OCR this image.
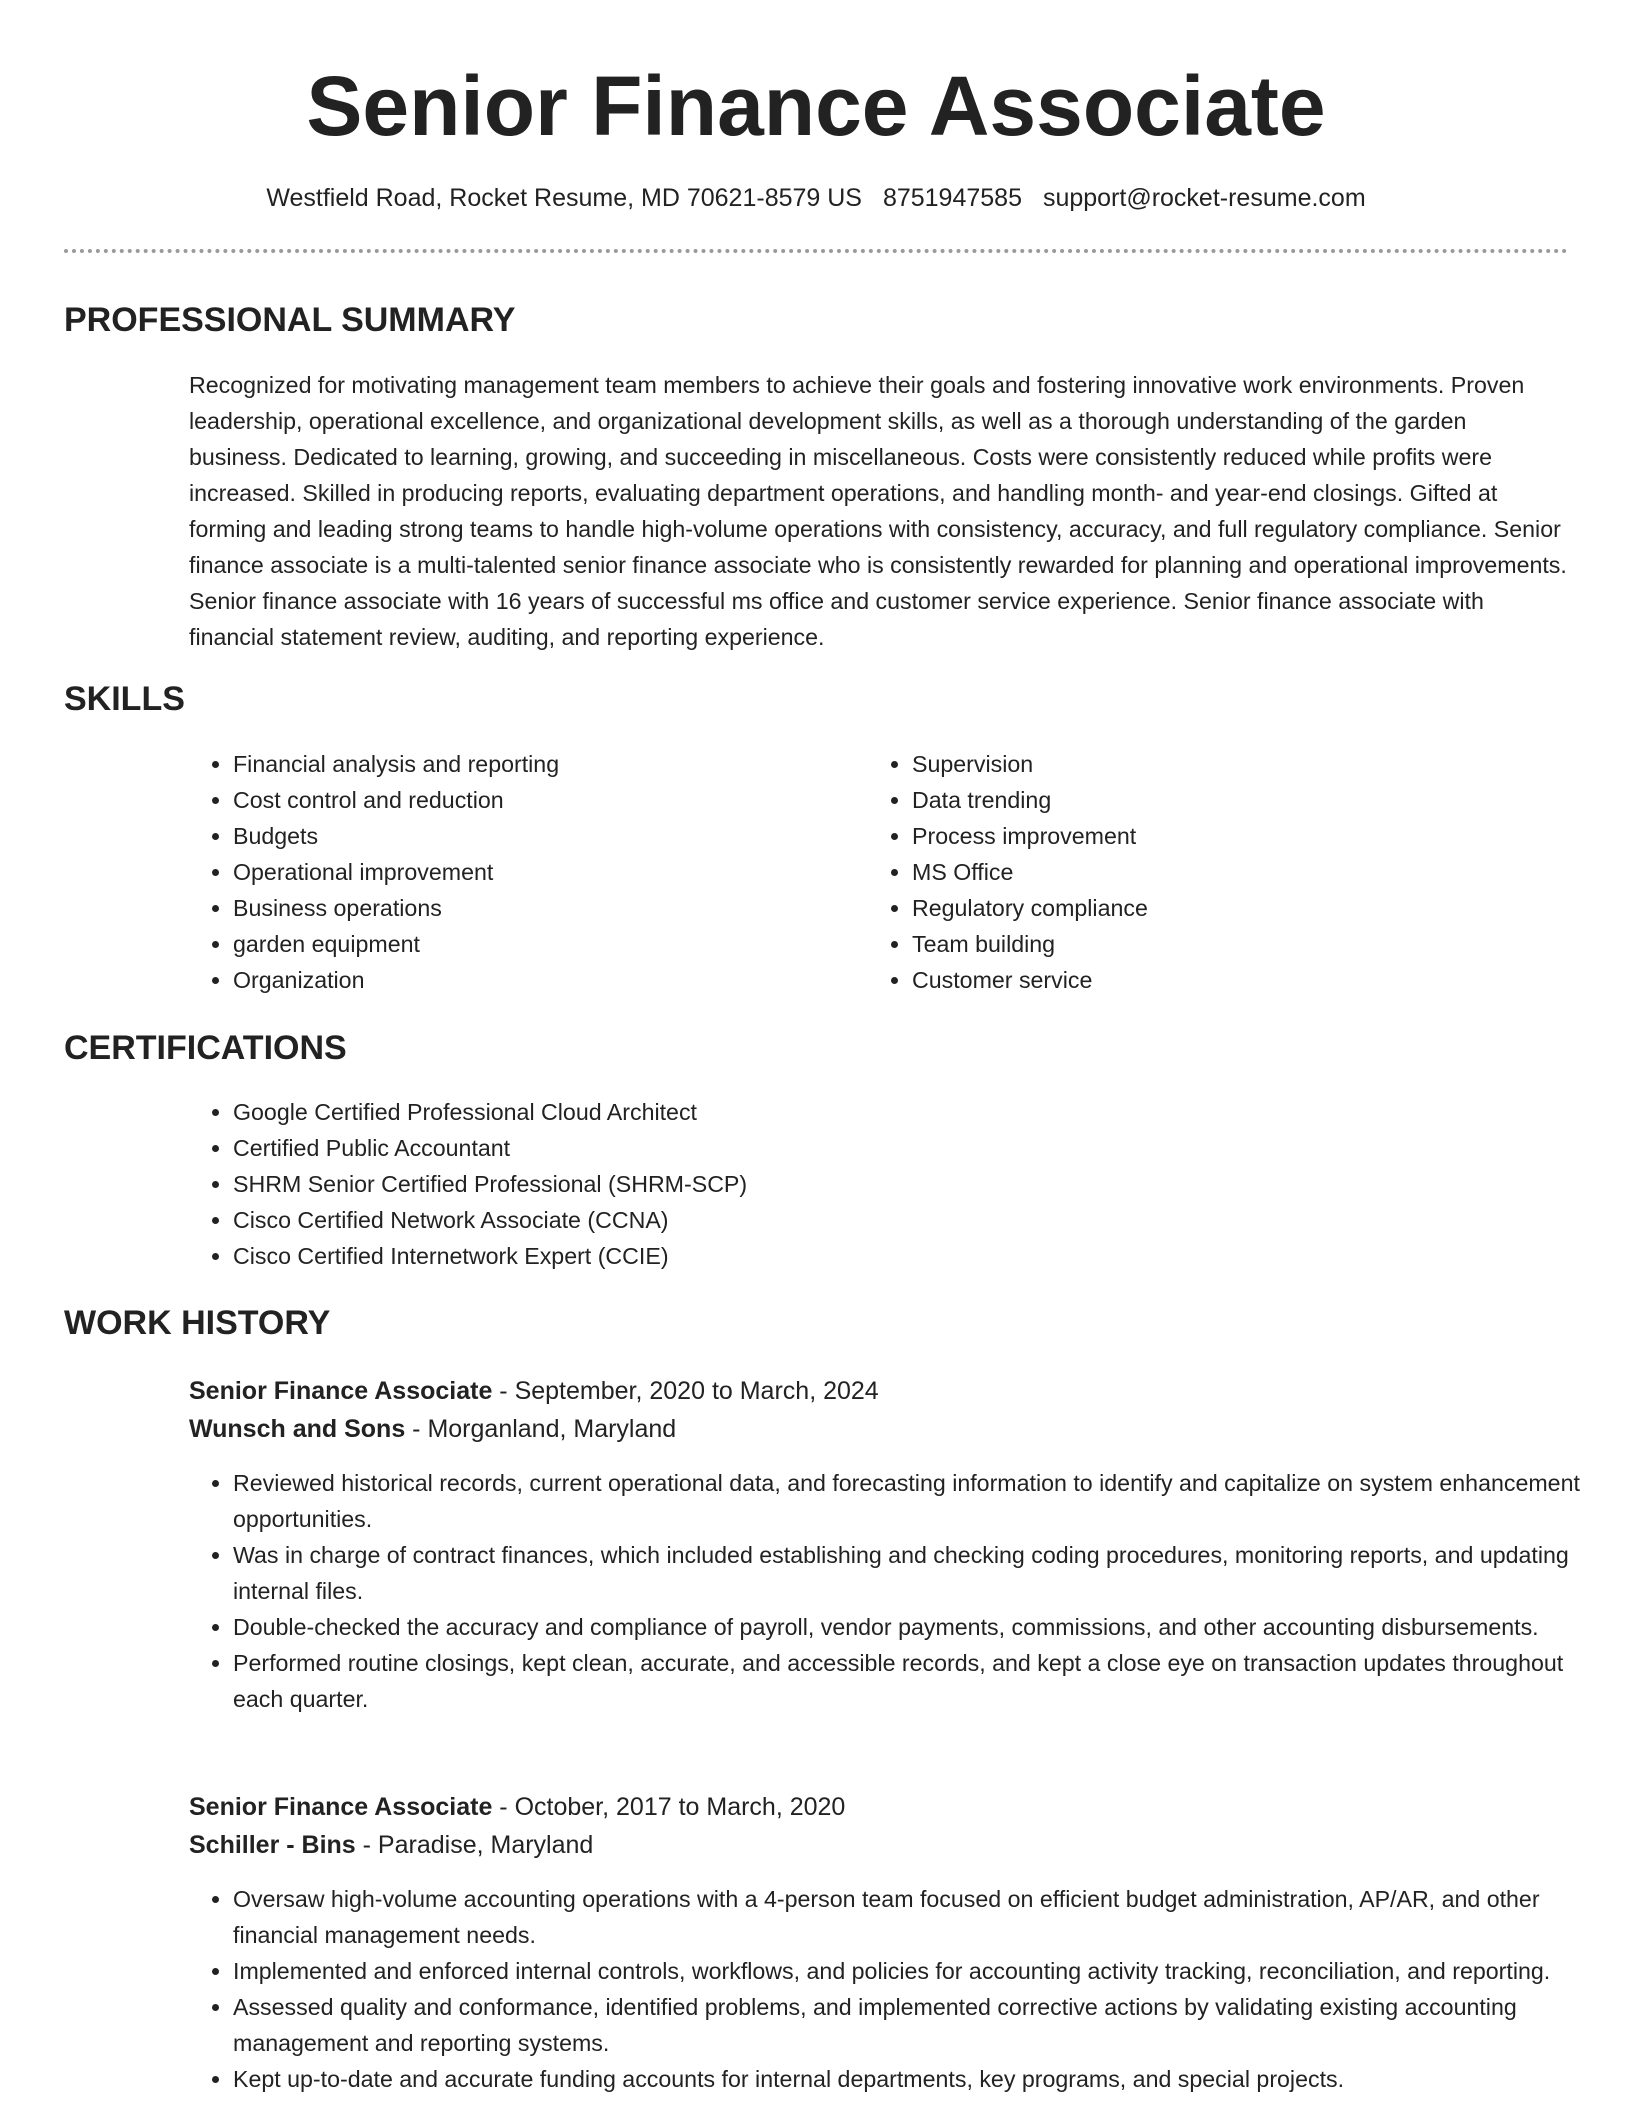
Senior Finance Associate
Westfield Road, Rocket Resume, MD 70621-8579 US 8751947585 support@rocket-resume.com
PROFESSIONAL SUMMARY

Recognized for motivating management team members to achieve their goals and fostering innovative work environments. Proven leadership, operational excellence, and organizational development skills, as well as a thorough understanding of the garden business. Dedicated to learning, growing, and succeeding in miscellaneous. Costs were consistently reduced while profits were increased. Skilled in producing reports, evaluating department operations, and handling month- and year-end closings. Gifted at forming and leading strong teams to handle high-volume operations with consistency, accuracy, and full regulatory compliance. Senior finance associate is a multi-talented senior finance associate who is consistently rewarded for planning and operational improvements. Senior finance associate with 16 years of successful ms office and customer service experience. Senior finance associate with financial statement review, auditing, and reporting experience.

SKILLS
• Financial analysis and reporting
• Cost control and reduction
• Budgets
• Operational improvement
• Business operations
• garden equipment
• Organization
• Supervision
• Data trending
• Process improvement
• MS Office
• Regulatory compliance
• Team building
• Customer service
CERTIFICATIONS
• Google Certified Professional Cloud Architect
• Certified Public Accountant
• SHRM Senior Certified Professional (SHRM-SCP)
• Cisco Certified Network Associate (CCNA)
• Cisco Certified Internetwork Expert (CCIE)
WORK HISTORY

Senior Finance Associate - September, 2020 to March, 2024

Wunsch and Sons - Morganland, Maryland

• Reviewed historical records, current operational data, and forecasting information to identify and capitalize on system enhancement opportunities.
• Was in charge of contract finances, which included establishing and checking coding procedures, monitoring reports, and updating internal files.
• Double-checked the accuracy and compliance of payroll, vendor payments, commissions, and other accounting disbursements.
• Performed routine closings, kept clean, accurate, and accessible records, and kept a close eye on transaction updates throughout each quarter.

Senior Finance Associate - October, 2017 to March, 2020

Schiller - Bins - Paradise, Maryland

• Oversaw high-volume accounting operations with a 4-person team focused on efficient budget administration, AP/AR, and other financial management needs.
• Implemented and enforced internal controls, workflows, and policies for accounting activity tracking, reconciliation, and reporting.
• Assessed quality and conformance, identified problems, and implemented corrective actions by validating existing accounting management and reporting systems.
• Kept up-to-date and accurate funding accounts for internal departments, key programs, and special projects.
